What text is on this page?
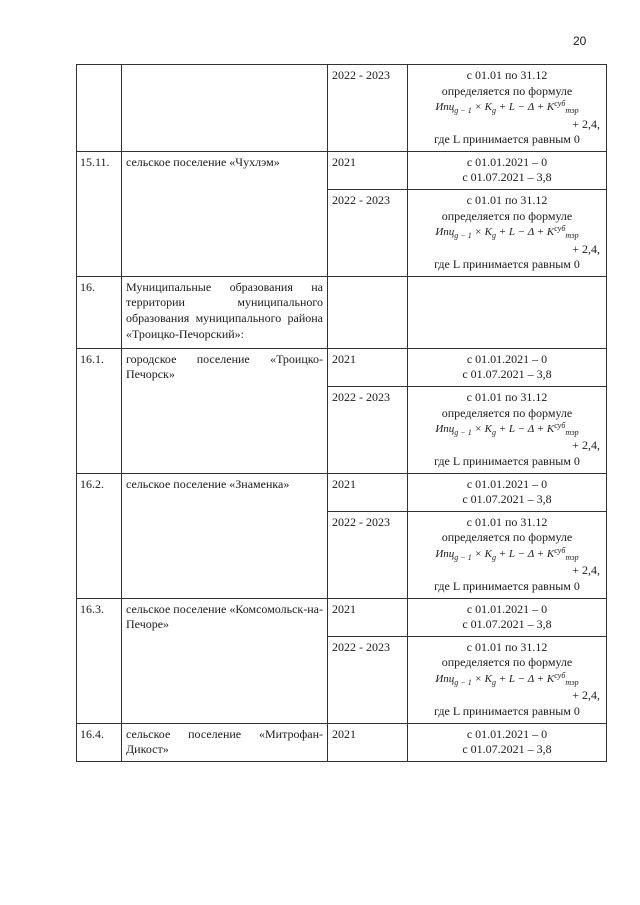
20
		2022 - 2023	с 01.01 по 31.12
определяется по формуле
$Ипц_{g - 1} \times K_g + L - \Delta + K^{суб}_{тэр}$
+ 2,4,
где L принимается равным 0

15.11.	сельское поселение «Чухлэм»	2021	с 01.01.2021 – 0
с 01.07.2021 – 3,8

		2022 - 2023	с 01.01 по 31.12
определяется по формуле
$Ипц_{g - 1} \times K_g + L - \Delta + K^{суб}_{тэр}$
+ 2,4,
где L принимается равным 0

16.	Муниципальные образования на территории муниципального образования муниципального района «Троицко-Печорский»:		
16.1.	городское поселение «Троицко-Печорск»	2021	с 01.01.2021 – 0
с 01.07.2021 – 3,8

		2022 - 2023	с 01.01 по 31.12
определяется по формуле
$Ипц_{g - 1} \times K_g + L - \Delta + K^{суб}_{тэр}$
+ 2,4,
где L принимается равным 0

16.2.	сельское поселение «Знаменка»	2021	с 01.01.2021 – 0
с 01.07.2021 – 3,8

		2022 - 2023	с 01.01 по 31.12
определяется по формуле
$Ипц_{g - 1} \times K_g + L - \Delta + K^{суб}_{тэр}$
+ 2,4,
где L принимается равным 0

16.3.	сельское поселение «Комсомольск-на-Печоре»	2021	с 01.01.2021 – 0
с 01.07.2021 – 3,8

		2022 - 2023	с 01.01 по 31.12
определяется по формуле
$Ипц_{g - 1} \times K_g + L - \Delta + K^{суб}_{тэр}$
+ 2,4,
где L принимается равным 0

16.4.	сельское поселение «Митрофан-Дикост»	2021	с 01.01.2021 – 0
с 01.07.2021 – 3,8
